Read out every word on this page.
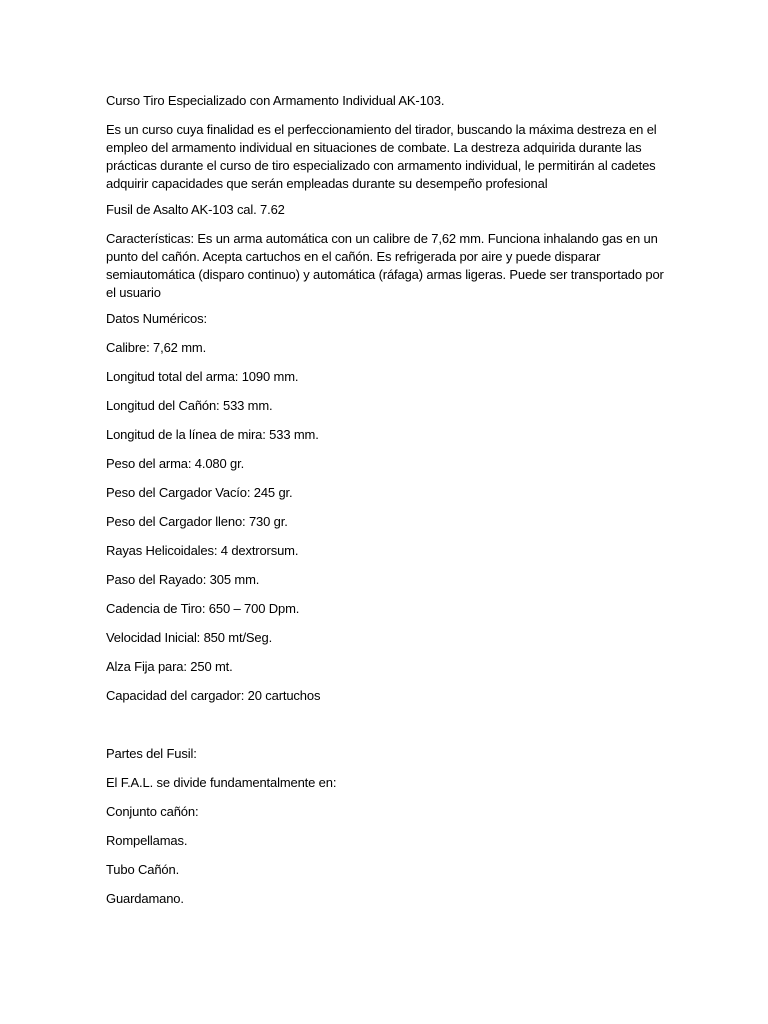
Curso Tiro Especializado con Armamento Individual AK-103.

Es un curso cuya finalidad es el perfeccionamiento del tirador, buscando la máxima destreza en el empleo del armamento individual en situaciones de combate. La destreza adquirida durante las prácticas durante el curso de tiro especializado con armamento individual, le permitirán al cadetes adquirir capacidades que serán empleadas durante su desempeño profesional

Fusil de Asalto AK-103 cal. 7.62

Características: Es un arma automática con un calibre de 7,62 mm. Funciona inhalando gas en un punto del cañón. Acepta cartuchos en el cañón. Es refrigerada por aire y puede disparar semiautomática (disparo continuo) y automática (ráfaga) armas ligeras. Puede ser transportado por el usuario

Datos Numéricos:

Calibre: 7,62 mm.

Longitud total del arma: 1090 mm.

Longitud del Cañón: 533 mm.

Longitud de la línea de mira: 533 mm.

Peso del arma: 4.080 gr.

Peso del Cargador Vacío: 245 gr.

Peso del Cargador lleno: 730 gr.

Rayas Helicoidales: 4 dextrorsum.

Paso del Rayado: 305 mm.

Cadencia de Tiro: 650 – 700 Dpm.

Velocidad Inicial: 850 mt/Seg.

Alza Fija para: 250 mt.

Capacidad del cargador: 20 cartuchos

Partes del Fusil:

El F.A.L. se divide fundamentalmente en:

Conjunto cañón:

Rompellamas.

Tubo Cañón.

Guardamano.
